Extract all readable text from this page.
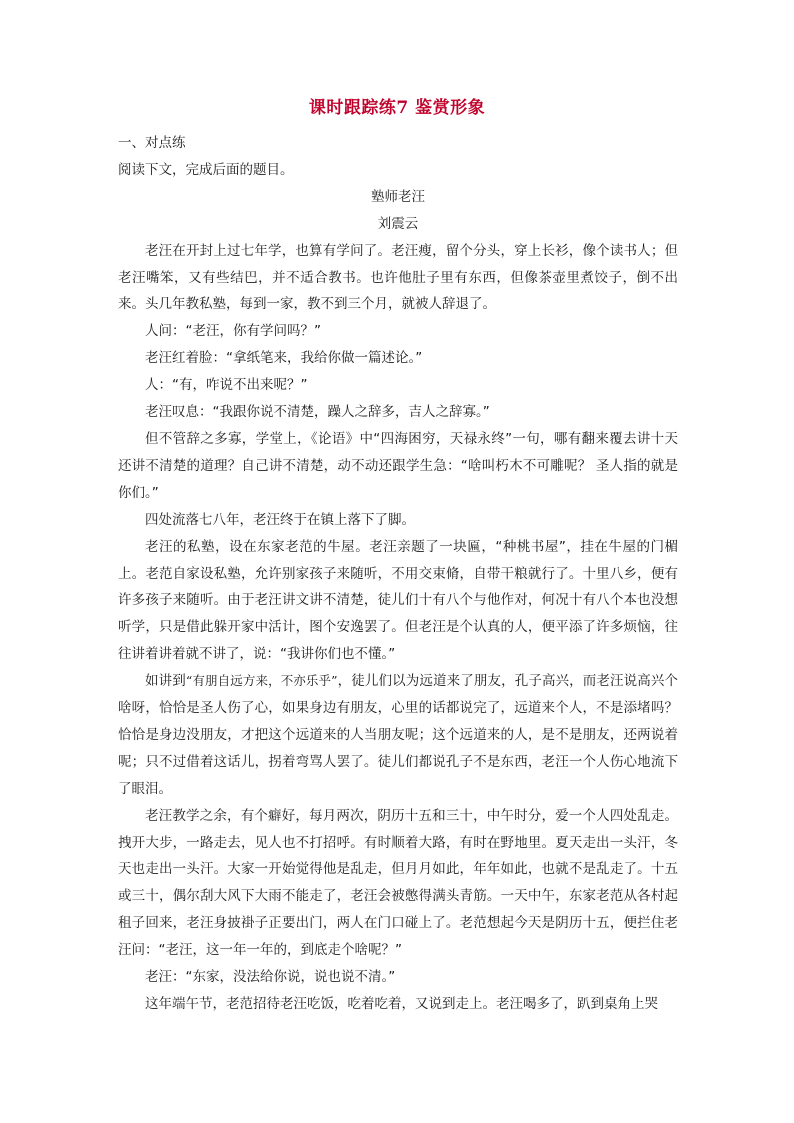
课时跟踪练7 鉴赏形象

一、对点练

阅读下文，完成后面的题目。

塾师老汪

刘震云

老汪在开封上过七年学，也算有学问了。老汪瘦，留个分头，穿上长衫，像个读书人；但老汪嘴笨，又有些结巴，并不适合教书。也许他肚子里有东西，但像茶壶里煮饺子，倒不出来。头几年教私塾，每到一家，教不到三个月，就被人辞退了。

人问：“老汪，你有学问吗？”

老汪红着脸：“拿纸笔来，我给你做一篇述论。”

人：“有，咋说不出来呢？”

老汪叹息：“我跟你说不清楚，躁人之辞多，吉人之辞寡。”

但不管辞之多寡，学堂上，《论语》中“四海困穷，天禄永终”一句，哪有翻来覆去讲十天还讲不清楚的道理？自己讲不清楚，动不动还跟学生急：“啥叫朽木不可雕呢？ 圣人指的就是你们。”

四处流落七八年，老汪终于在镇上落下了脚。

老汪的私塾，设在东家老范的牛屋。老汪亲题了一块匾，“种桃书屋”，挂在牛屋的门楣上。老范自家设私塾，允许别家孩子来随听，不用交束脩，自带干粮就行了。十里八乡，便有许多孩子来随听。由于老汪讲文讲不清楚，徒儿们十有八个与他作对，何况十有八个本也没想听学，只是借此躲开家中活计，图个安逸罢了。但老汪是个认真的人，便平添了许多烦恼，往往讲着讲着就不讲了，说：“我讲你们也不懂。”

如讲到“有朋自远方来，不亦乐乎”，徒儿们以为远道来了朋友，孔子高兴，而老汪说高兴个啥呀，恰恰是圣人伤了心，如果身边有朋友，心里的话都说完了，远道来个人，不是添堵吗？恰恰是身边没朋友，才把这个远道来的人当朋友呢；这个远道来的人，是不是朋友，还两说着呢；只不过借着这话儿，拐着弯骂人罢了。徒儿们都说孔子不是东西，老汪一个人伤心地流下了眼泪。

老汪教学之余，有个癖好，每月两次，阴历十五和三十，中午时分，爱一个人四处乱走。拽开大步，一路走去，见人也不打招呼。有时顺着大路，有时在野地里。夏天走出一头汗，冬天也走出一头汗。大家一开始觉得他是乱走，但月月如此，年年如此，也就不是乱走了。十五或三十，偶尔刮大风下大雨不能走了，老汪会被憋得满头青筋。一天中午，东家老范从各村起租子回来，老汪身披褂子正要出门，两人在门口碰上了。老范想起今天是阴历十五，便拦住老汪问：“老汪，这一年一年的，到底走个啥呢？”

老汪：“东家，没法给你说，说也说不清。”

这年端午节，老范招待老汪吃饭，吃着吃着，又说到走上。老汪喝多了，趴到桌角上哭
